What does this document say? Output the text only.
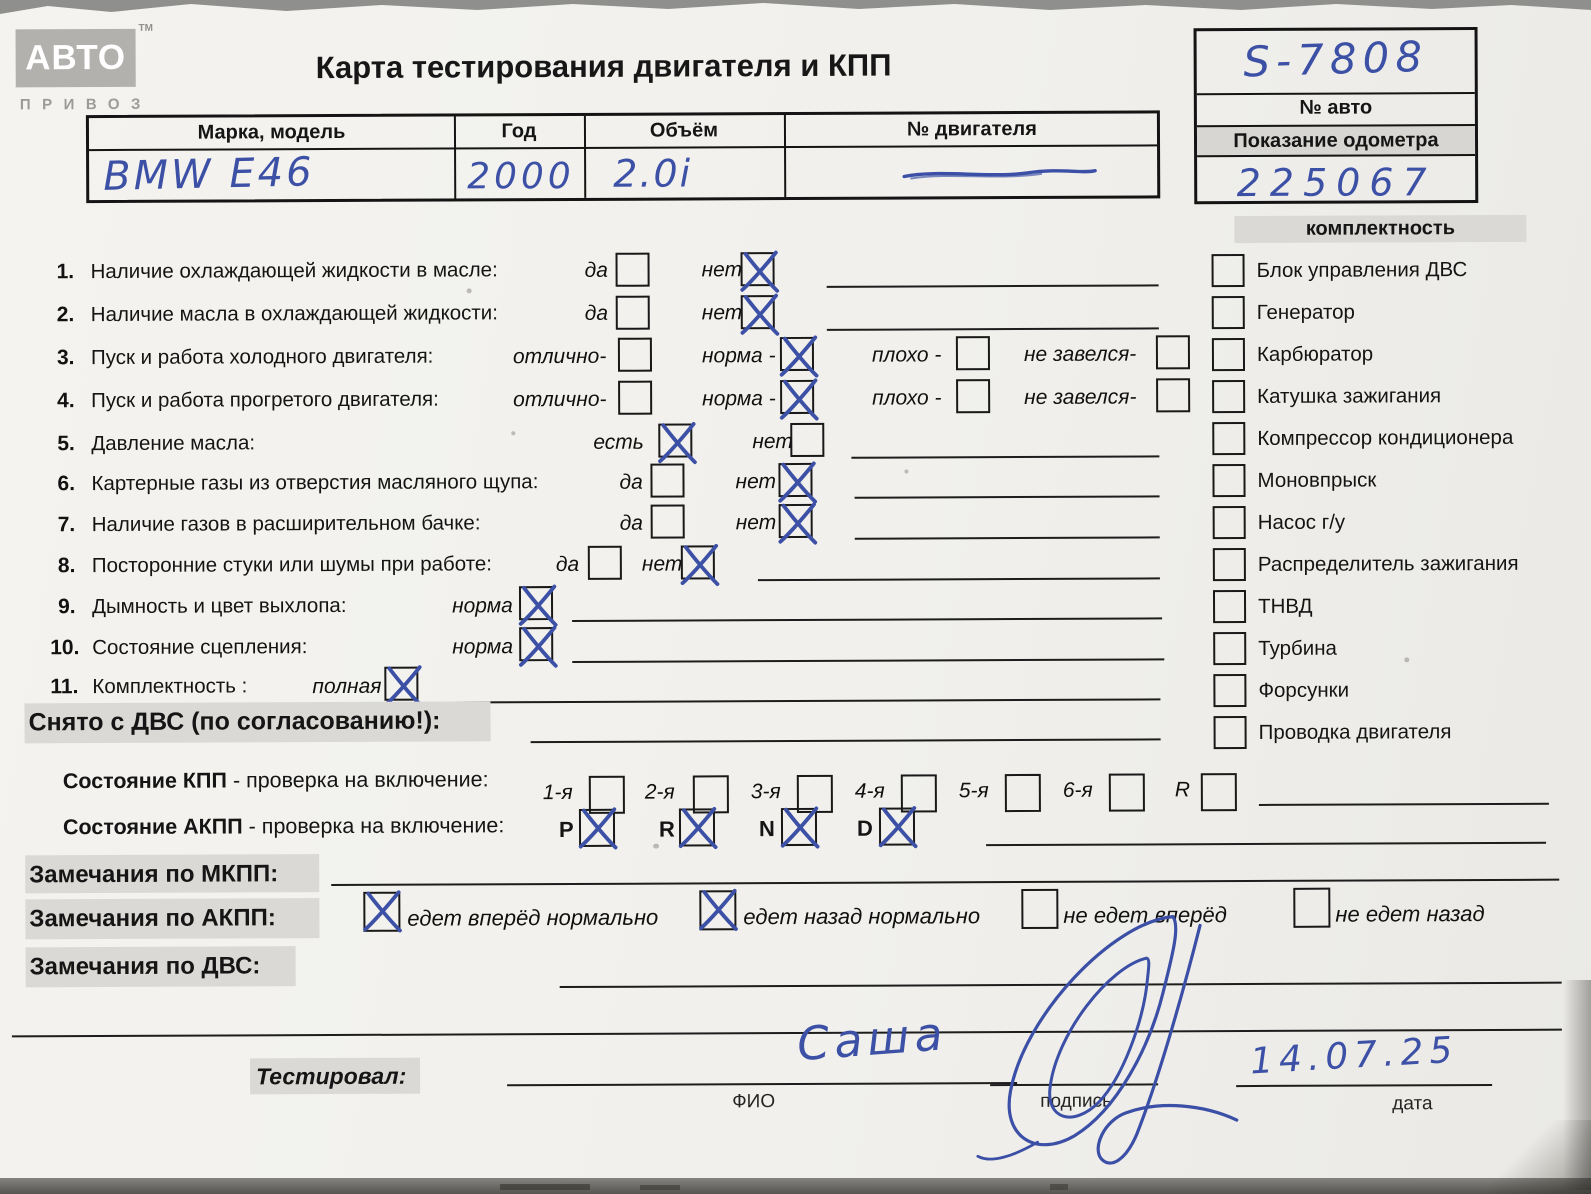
АВТО
ТМ
ПРИВОЗ
Карта тестирования двигателя и КПП	S-7808
№ авто
Показание одометра
225067
Марка, модель	Год	Объём	№ двигателя
BMW E46	2000 2.0i
комплектность
Блок управления ДВС
Генератор
Карбюратор
Катушка зажигания
Компрессор кондиционера
Моновпрыск
Насос г/у
Распределитель зажигания
ТНВД
Турбина
Форсунки
Проводка двигателя
1. Наличие охлаждающей жидкости в масле:	да	нет
2. Наличие масла в охлаждающей жидкости:	да	нет
3. Пуск и работа холодного двигателя:	отлично-	норма -	плохо -	не завелся-
4. Пуск и работа прогретого двигателя:	отлично-	норма -	плохо -	не завелся-
5. Давление масла:	есть	нет
6. Картерные газы из отверстия масляного щупа:	да	нет
7. Наличие газов в расширительном бачке:	да	нет
8. Посторонние стуки или шумы при работе:	да	нет
9. Дымность и цвет выхлопа:	норма
10. Состояние сцепления:	норма
11. Комплектность :	полная
Снято с ДВС (по согласованию!):
Состояние КПП - проверка на включение:
1-я	2-я	3-я	4-я	5-я	6-я	R
Состояние АКПП - проверка на включение: P	R	N	D
Замечания по МКПП:
Замечания по АКПП:	едет вперёд нормально	едет назад нормально	не едет вперёд	не едет назад
Замечания по ДВС:
Тестировал:
ФИО
Саша
подпись
14.07.25
дата
